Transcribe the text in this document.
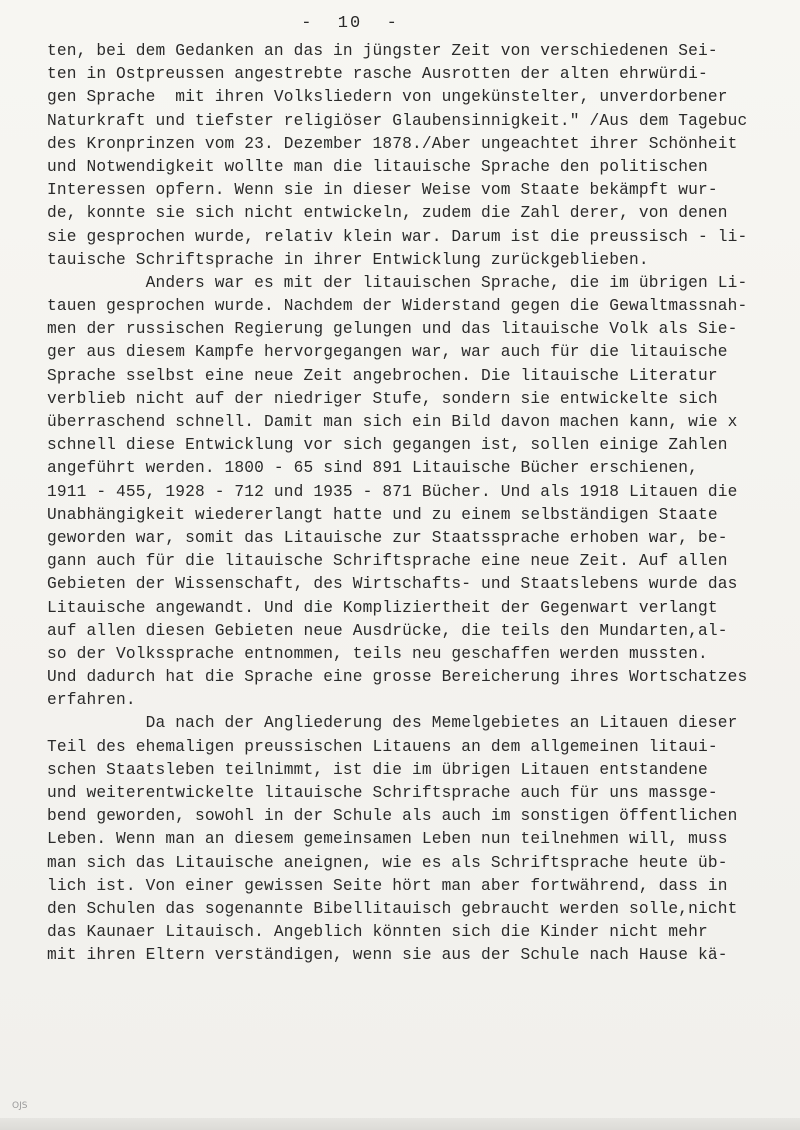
-  10  -
ten, bei dem Gedanken an das in jüngster Zeit von verschiedenen Sei-
ten in Ostpreussen angestrebte rasche Ausrotten der alten ehrwürdi-
gen Sprache  mit ihren Volksliedern von ungekünstelter, unverdorbener
Naturkraft und tiefster religiöser Glaubensinnigkeit." /Aus dem Tagebuc
des Kronprinzen vom 23. Dezember 1878./Aber ungeachtet ihrer Schönheit
und Notwendigkeit wollte man die litauische Sprache den politischen
Interessen opfern. Wenn sie in dieser Weise vom Staate bekämpft wur-
de, konnte sie sich nicht entwickeln, zudem die Zahl derer, von denen
sie gesprochen wurde, relativ klein war. Darum ist die preussisch - li-
tauische Schriftsprache in ihrer Entwicklung zurückgeblieben.
Anders war es mit der litauischen Sprache, die im übrigen Li-
tauen gesprochen wurde. Nachdem der Widerstand gegen die Gewaltmassnah-
men der russischen Regierung gelungen und das litauische Volk als Sie-
ger aus diesem Kampfe hervorgegangen war, war auch für die litauische
Sprache sselbst eine neue Zeit angebrochen. Die litauische Literatur
verblieb nicht auf der niedriger Stufe, sondern sie entwickelte sich
überraschend schnell. Damit man sich ein Bild davon machen kann, wie x
schnell diese Entwicklung vor sich gegangen ist, sollen einige Zahlen
angeführt werden. 1800 - 65 sind 891 Litauische Bücher erschienen,
1911 - 455, 1928 - 712 und 1935 - 871 Bücher. Und als 1918 Litauen die
Unabhängigkeit wiedererlangt hatte und zu einem selbständigen Staate
geworden war, somit das Litauische zur Staatssprache erhoben war, be-
gann auch für die litauische Schriftsprache eine neue Zeit. Auf allen
Gebieten der Wissenschaft, des Wirtschafts- und Staatslebens wurde das
Litauische angewandt. Und die Kompliziertheit der Gegenwart verlangt
auf allen diesen Gebieten neue Ausdrücke, die teils den Mundarten,al-
so der Volkssprache entnommen, teils neu geschaffen werden mussten.
Und dadurch hat die Sprache eine grosse Bereicherung ihres Wortschatzes
erfahren.
Da nach der Angliederung des Memelgebietes an Litauen dieser
Teil des ehemaligen preussischen Litauens an dem allgemeinen litaui-
schen Staatsleben teilnimmt, ist die im übrigen Litauen entstandene
und weiterentwickelte litauische Schriftsprache auch für uns massge-
bend geworden, sowohl in der Schule als auch im sonstigen öffentlichen
Leben. Wenn man an diesem gemeinsamen Leben nun teilnehmen will, muss
man sich das Litauische aneignen, wie es als Schriftsprache heute üb-
lich ist. Von einer gewissen Seite hört man aber fortwährend, dass in
den Schulen das sogenannte Bibellitauisch gebraucht werden solle,nicht
das Kaunaer Litauisch. Angeblich könnten sich die Kinder nicht mehr
mit ihren Eltern verständigen, wenn sie aus der Schule nach Hause kä-
OJS
